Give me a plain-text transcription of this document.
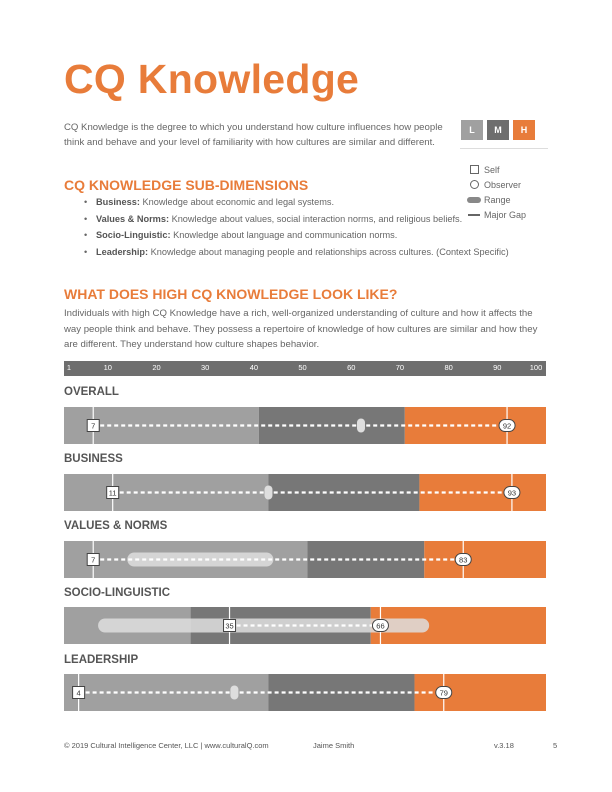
CQ Knowledge
CQ Knowledge is the degree to which you understand how culture influences how people think and behave and your level of familiarity with how cultures are similar and different.
L	M	H
Self
Observer
Range
Major Gap
CQ KNOWLEDGE SUB-DIMENSIONS
• Business: Knowledge about economic and legal systems.
• Values & Norms: Knowledge about values, social interaction norms, and religious beliefs.
• Socio-Linguistic: Knowledge about language and communication norms.
• Leadership: Knowledge about managing people and relationships across cultures. (Context Specific)
WHAT DOES HIGH CQ KNOWLEDGE LOOK LIKE?
Individuals with high CQ Knowledge have a rich, well-organized understanding of culture and how it affects the way people think and behave. They possess a repertoire of knowledge of how cultures are similar and how they are different. They understand how culture shapes behavior.
1	10	20	30	40	50	60	70	80	90	100
OVERALL
7	92
BUSINESS
11	93
VALUES & NORMS
7	83
SOCIO-LINGUISTIC
35	66
LEADERSHIP
4	79
© 2019 Cultural Intelligence Center, LLC | www.culturalQ.com	Jaime Smith	v.3.18	5
